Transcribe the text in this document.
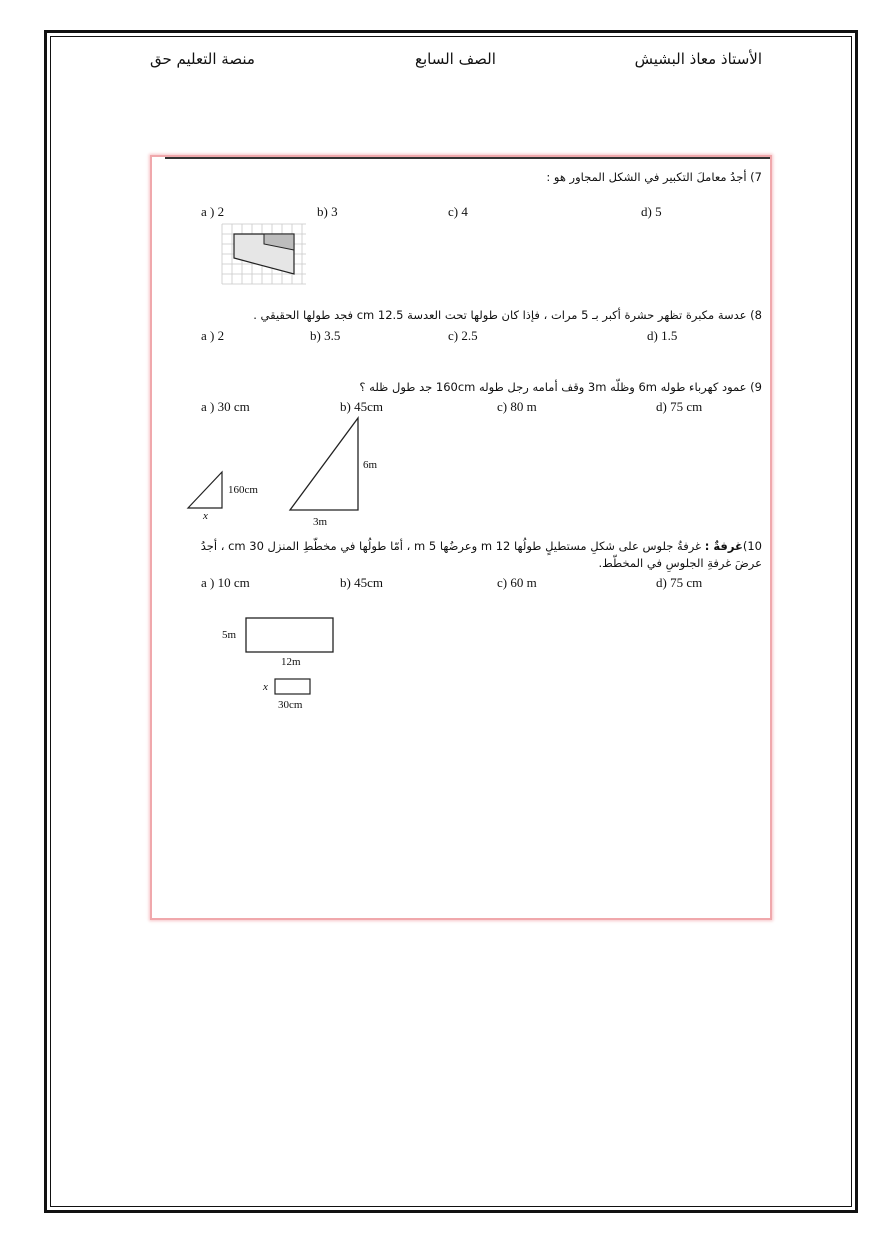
الأستاذ معاذ البشيش
الصف السابع
منصة التعليم حق
7) أجدُ معاملَ التكبير في الشكل المجاور هو :
a ) 2	b) 3	c) 4	d) 5
8) عدسة مكبرة تظهر حشرة أكبر بـ 5 مرات ، فإذا كان طولها تحت العدسة 12.5 cm فجد طولها الحقيقي .
a ) 2	b) 3.5	c) 2.5	d) 1.5
9) عمود كهرباء طوله 6m وظلّه 3m وقف أمامه رجل طوله 160cm جد طول ظله ؟
a ) 30 cm	b) 45cm	c) 80 m	d) 75 cm
160cm
x
6m
3m
10)غرفةٌ : غرفةُ جلوس على شكلِ مستطيلٍ طولُها 12 m وعرضُها 5 m ، أمّا طولُها في مخطّطِ المنزل 30 cm ، أجدُ
عرضَ غرفةِ الجلوسِ في المخطّط.
a ) 10 cm	b) 45cm	c) 60 m	d) 75 cm
5m
12m
x
30cm
